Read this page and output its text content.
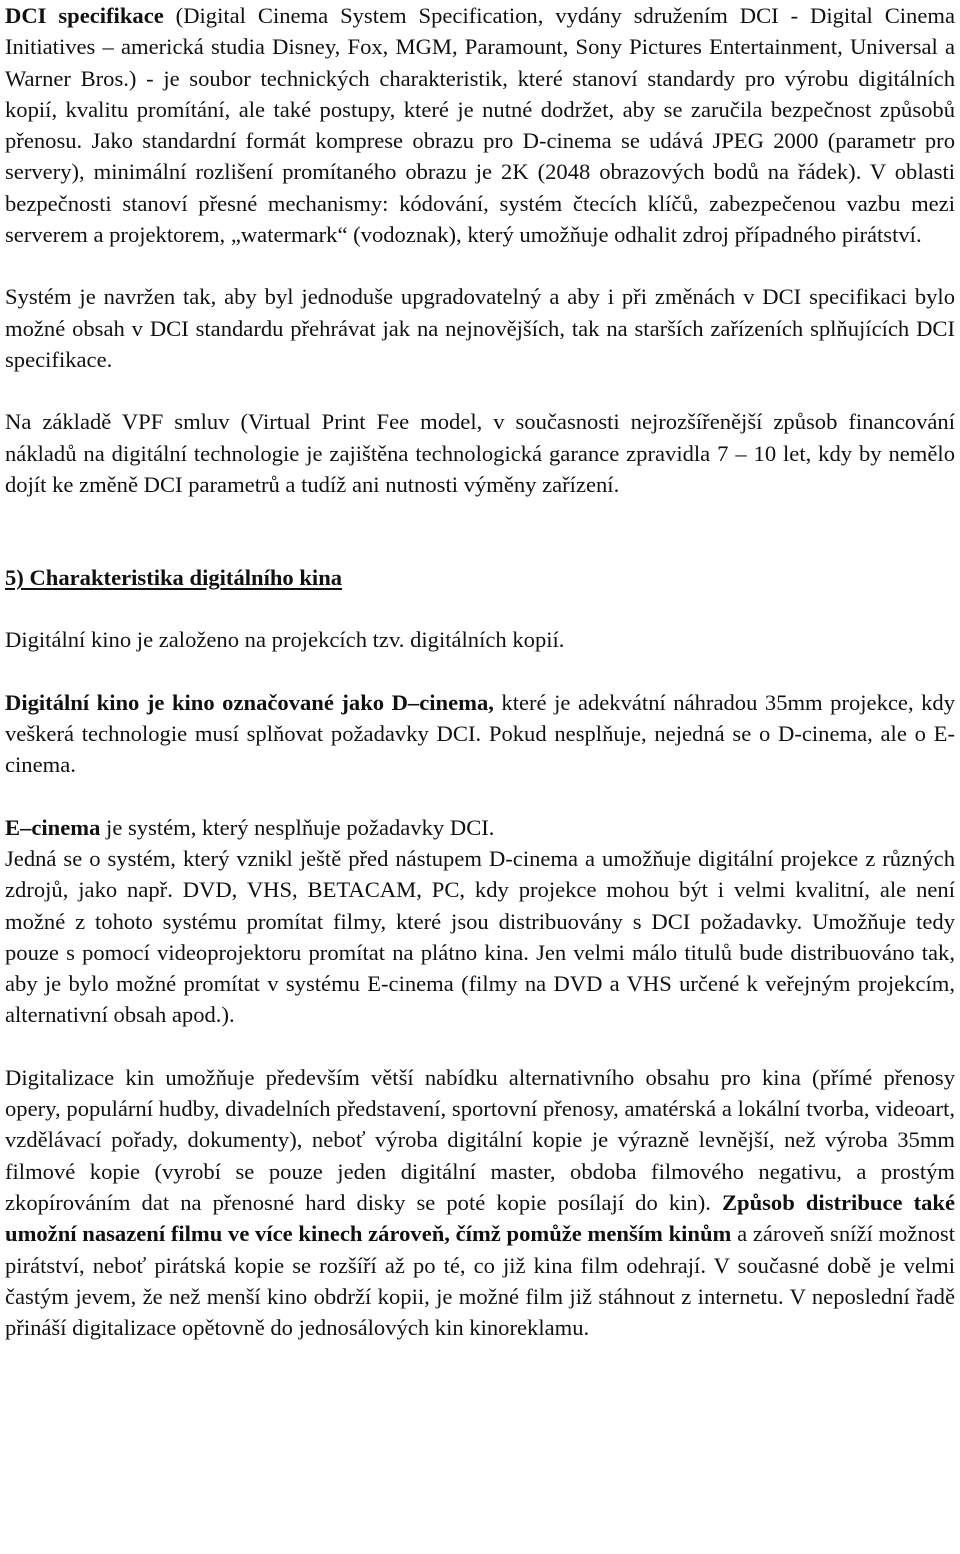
DCI specifikace (Digital Cinema System Specification, vydány sdružením DCI - Digital Cinema Initiatives – americká studia Disney, Fox, MGM, Paramount, Sony Pictures Entertainment, Universal a Warner Bros.) - je soubor technických charakteristik, které stanoví standardy pro výrobu digitálních kopií, kvalitu promítání, ale také postupy, které je nutné dodržet, aby se zaručila bezpečnost způsobů přenosu. Jako standardní formát komprese obrazu pro D-cinema se udává JPEG 2000 (parametr pro servery), minimální rozlišení promítaného obrazu je 2K (2048 obrazových bodů na řádek). V oblasti bezpečnosti stanoví přesné mechanismy: kódování, systém čtecích klíčů, zabezpečenou vazbu mezi serverem a projektorem, „watermark“ (vodoznak), který umožňuje odhalit zdroj případného pirátství.

Systém je navržen tak, aby byl jednoduše upgradovatelný a aby i při změnách v DCI specifikaci bylo možné obsah v DCI standardu přehrávat jak na nejnovějších, tak na starších zařízeních splňujících DCI specifikace.

Na základě VPF smluv (Virtual Print Fee model, v současnosti nejrozšířenější způsob financování nákladů na digitální technologie je zajištěna technologická garance zpravidla 7 – 10 let, kdy by nemělo dojít ke změně DCI parametrů a tudíž ani nutnosti výměny zařízení.

5) Charakteristika digitálního kina

Digitální kino je založeno na projekcích tzv. digitálních kopií.

Digitální kino je kino označované jako D–cinema, které je adekvátní náhradou 35mm projekce, kdy veškerá technologie musí splňovat požadavky DCI. Pokud nesplňuje, nejedná se o D-cinema, ale o E-cinema.

E–cinema je systém, který nesplňuje požadavky DCI.

Jedná se o systém, který vznikl ještě před nástupem D-cinema a umožňuje digitální projekce z různých zdrojů, jako např. DVD, VHS, BETACAM, PC, kdy projekce mohou být i velmi kvalitní, ale není možné z tohoto systému promítat filmy, které jsou distribuovány s DCI požadavky. Umožňuje tedy pouze s pomocí videoprojektoru promítat na plátno kina. Jen velmi málo titulů bude distribuováno tak, aby je bylo možné promítat v systému E-cinema (filmy na DVD a VHS určené k veřejným projekcím, alternativní obsah apod.).

Digitalizace kin umožňuje především větší nabídku alternativního obsahu pro kina (přímé přenosy opery, populární hudby, divadelních představení, sportovní přenosy, amatérská a lokální tvorba, videoart, vzdělávací pořady, dokumenty), neboť výroba digitální kopie je výrazně levnější, než výroba 35mm filmové kopie (vyrobí se pouze jeden digitální master, obdoba filmového negativu, a prostým zkopírováním dat na přenosné hard disky se poté kopie posílají do kin). Způsob distribuce také umožní nasazení filmu ve více kinech zároveň, čímž pomůže menším kinům a zároveň sníží možnost pirátství, neboť pirátská kopie se rozšíří až po té, co již kina film odehrají. V současné době je velmi častým jevem, že než menší kino obdrží kopii, je možné film již stáhnout z internetu. V neposlední řadě přináší digitalizace opětovně do jednosálových kin kinoreklamu.
